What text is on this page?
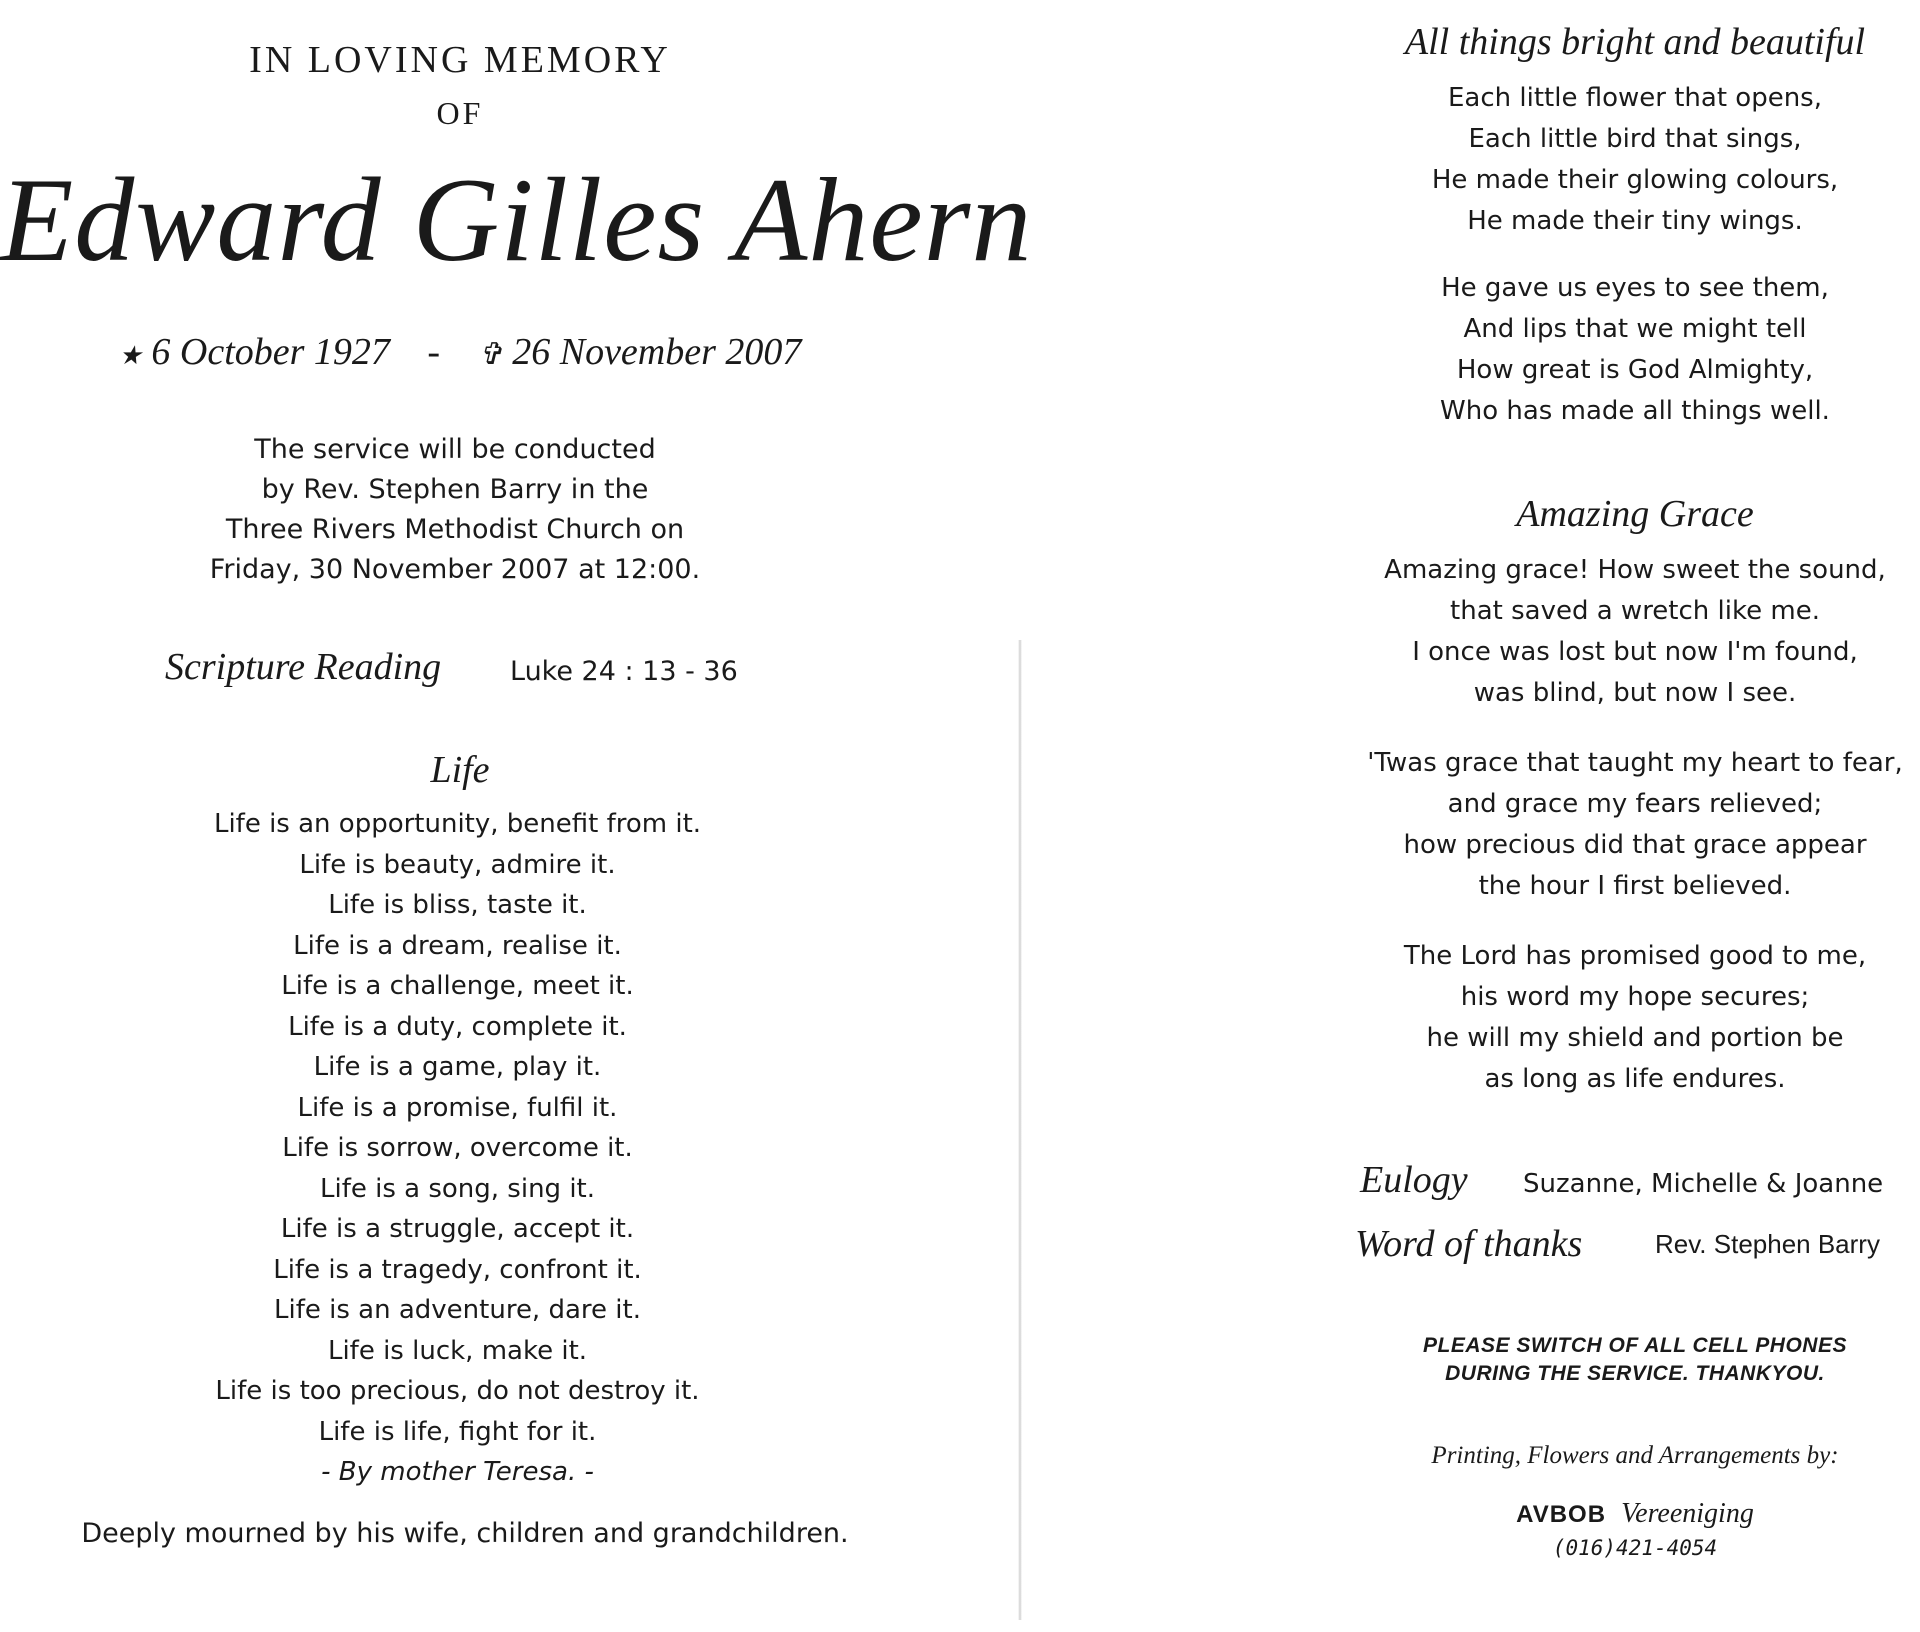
IN LOVING MEMORY
OF
Edward Gilles Ahern
★ 6 October 1927 - ✞ 26 November 2007
The service will be conducted
by Rev. Stephen Barry in the
Three Rivers Methodist Church on
Friday, 30 November 2007 at 12:00.
Scripture Reading	Luke 24 : 13 - 36
Life
Life is an opportunity, benefit from it.
Life is beauty, admire it.
Life is bliss, taste it.
Life is a dream, realise it.
Life is a challenge, meet it.
Life is a duty, complete it.
Life is a game, play it.
Life is a promise, fulfil it.
Life is sorrow, overcome it.
Life is a song, sing it.
Life is a struggle, accept it.
Life is a tragedy, confront it.
Life is an adventure, dare it.
Life is luck, make it.
Life is too precious, do not destroy it.
Life is life, fight for it.
- By mother Teresa. -
Deeply mourned by his wife, children and grandchildren.
All things bright and beautiful
Each little flower that opens,
Each little bird that sings,
He made their glowing colours,
He made their tiny wings.
He gave us eyes to see them,
And lips that we might tell
How great is God Almighty,
Who has made all things well.
Amazing Grace
Amazing grace! How sweet the sound,
that saved a wretch like me.
I once was lost but now I'm found,
was blind, but now I see.
'Twas grace that taught my heart to fear,
and grace my fears relieved;
how precious did that grace appear
the hour I first believed.
The Lord has promised good to me,
his word my hope secures;
he will my shield and portion be
as long as life endures.
Eulogy Suzanne, Michelle & Joanne
Word of thanks	Rev. Stephen Barry
PLEASE SWITCH OF ALL CELL PHONES
DURING THE SERVICE. THANKYOU.
Printing, Flowers and Arrangements by:
AVBOB Vereeniging
(016)421-4054
